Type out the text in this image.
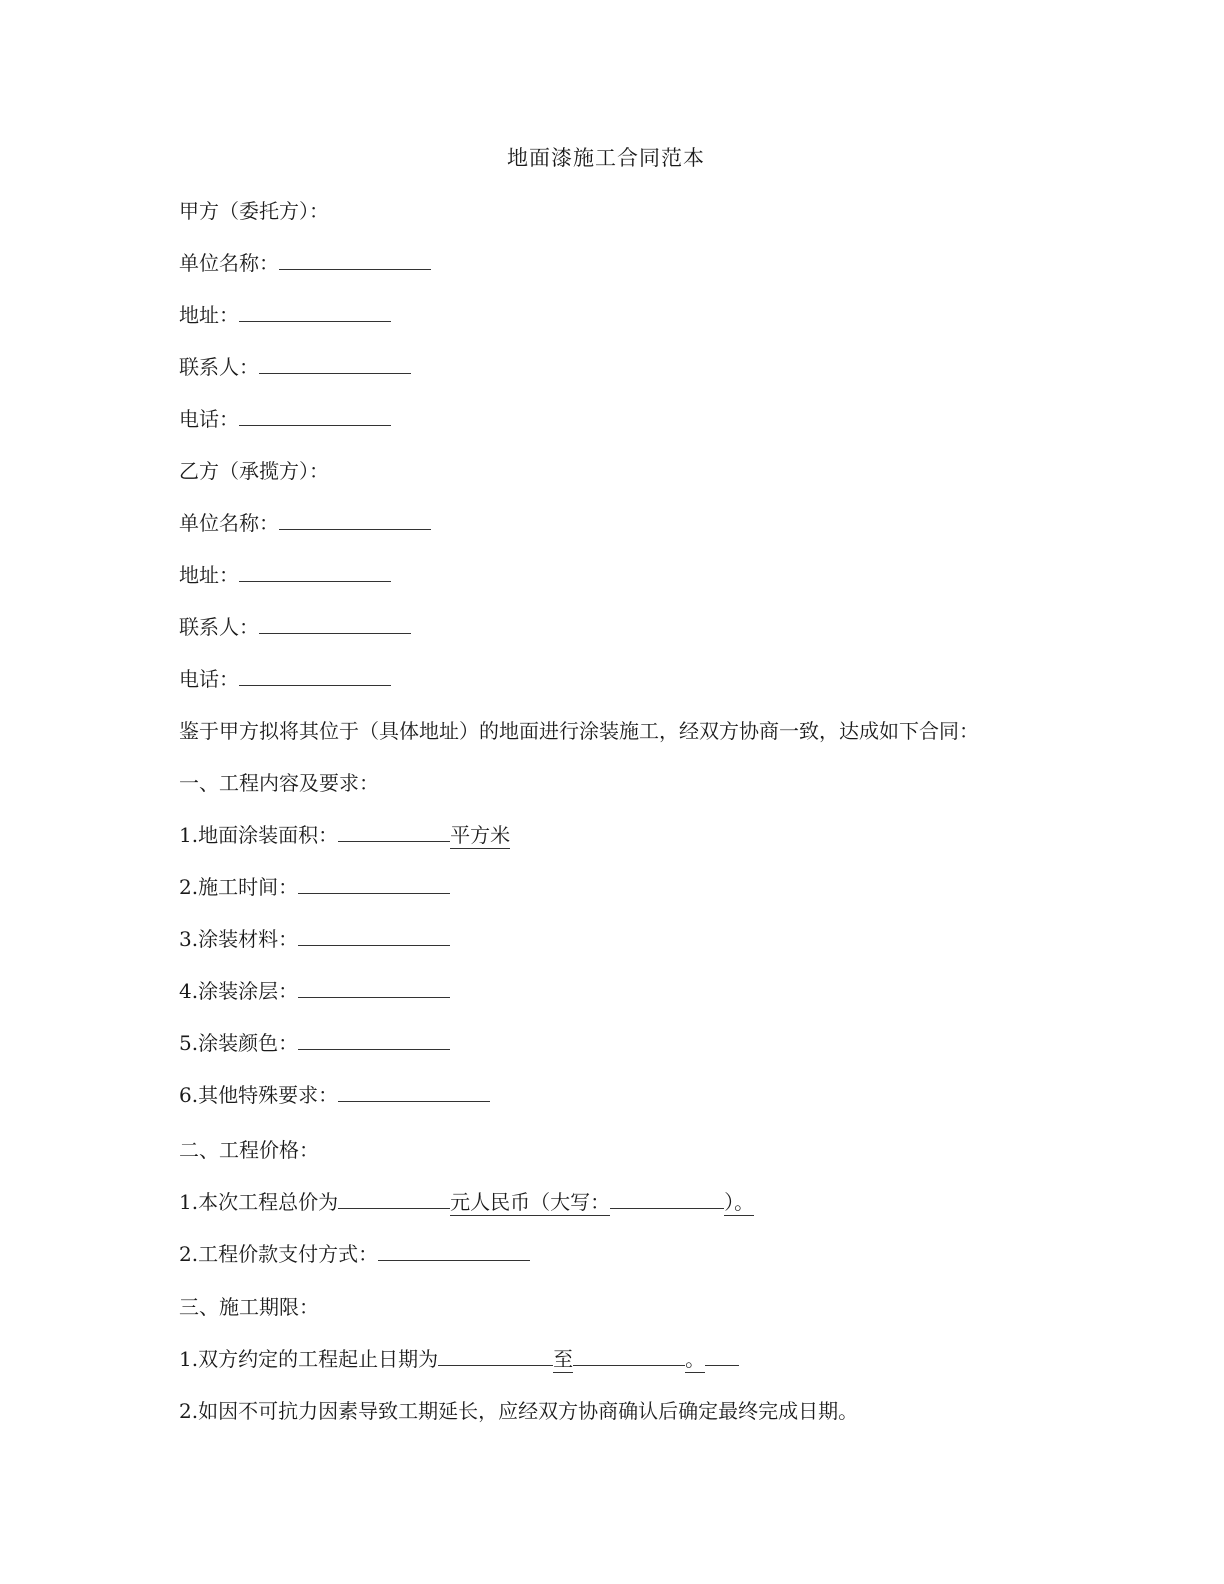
地面漆施工合同范本
甲方（委托方）：
单位名称：
地址：
联系人：
电话：
乙方（承揽方）：
单位名称：
地址：
联系人：
电话：
鉴于甲方拟将其位于（具体地址）的地面进行涂装施工，经双方协商一致，达成如下合同：
一、工程内容及要求：
1.地面涂装面积：	平方米
2.施工时间：
3.涂装材料：
4.涂装涂层：
5.涂装颜色：
6.其他特殊要求：
二、工程价格：
1.本次工程总价为	元人民币（大写：	）。
2.工程价款支付方式：
三、施工期限：
1.双方约定的工程起止日期为	至	。
2.如因不可抗力因素导致工期延长，应经双方协商确认后确定最终完成日期。
